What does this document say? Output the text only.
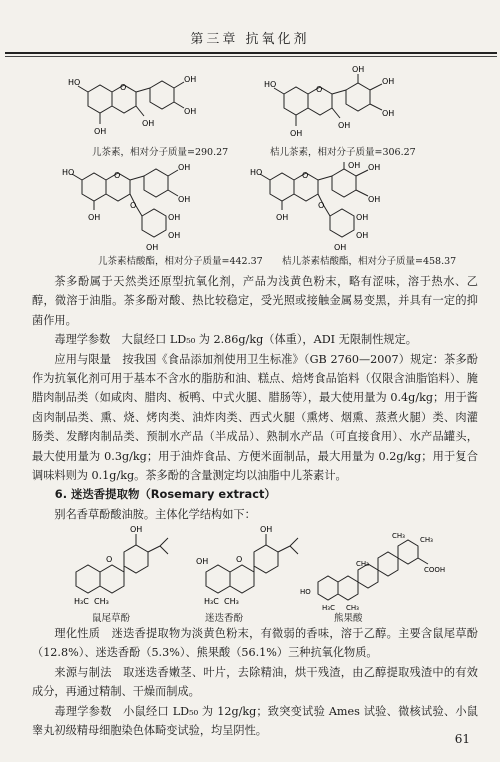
第三章 抗氧化剂
O
HO
OH
OH
OH
OH
O
HO
OH
OH
OH
OH
OH
儿茶素，相对分子质量=290.27	桔儿茶素，相对分子质量=306.27
O
O
HO
OH
OH
OH	OH
OH
OH
O
O
HO
OH OH
OH
OH	OH
OH
OH
儿茶素桔酸酯，相对分子质量=442.37 桔儿茶素桔酸酯，相对分子质量=458.37

茶多酚属于天然类还原型抗氧化剂，产品为浅黄色粉末，略有涩味，溶于热水、乙醇，微溶于油脂。茶多酚对酸、热比较稳定，受光照或接触金属易变黑，并具有一定的抑菌作用。

毒理学参数　大鼠经口 LD₅₀ 为 2.86g/kg（体重），ADI 无限制性规定。

应用与限量　按我国《食品添加剂使用卫生标准》（GB 2760—2007）规定：茶多酚作为抗氧化剂可用于基本不含水的脂肪和油、糕点、焙烤食品馅料（仅限含油脂馅料）、腌腊肉制品类（如咸肉、腊肉、板鸭、中式火腿、腊肠等），最大使用量为 0.4g/kg；用于酱卤肉制品类、熏、烧、烤肉类、油炸肉类、西式火腿（熏烤、烟熏、蒸煮火腿）类、肉灌肠类、发酵肉制品类、预制水产品（半成品）、熟制水产品（可直接食用）、水产品罐头，最大使用量为 0.3g/kg；用于油炸食品、方便米面制品，最大用量为 0.2g/kg；用于复合调味料则为 0.1g/kg。茶多酚的含量测定均以油脂中儿茶素计。

6. 迷迭香提取物（Rosemary extract）

别名香草酚酸油胺。主体化学结构如下：

OH
O
H₃C CH₃
OH
OH	O
H₃C CH₃
CH₃ CH₃
COOH
CH₃
HO
H₃C CH₃
鼠尾草酚	迷迭香酚	熊果酸

理化性质　迷迭香提取物为淡黄色粉末，有微弱的香味，溶于乙醇。主要含鼠尾草酚（12.8%）、迷迭香酚（5.3%）、熊果酸（56.1%）三种抗氧化物质。

来源与制法　取迷迭香嫩茎、叶片，去除精油，烘干残渣，由乙醇提取残渣中的有效成分，再通过精制、干燥而制成。

毒理学参数　小鼠经口 LD₅₀ 为 12g/kg；致突变试验 Ames 试验、微核试验、小鼠睾丸初级精母细胞染色体畸变试验，均呈阴性。

61
